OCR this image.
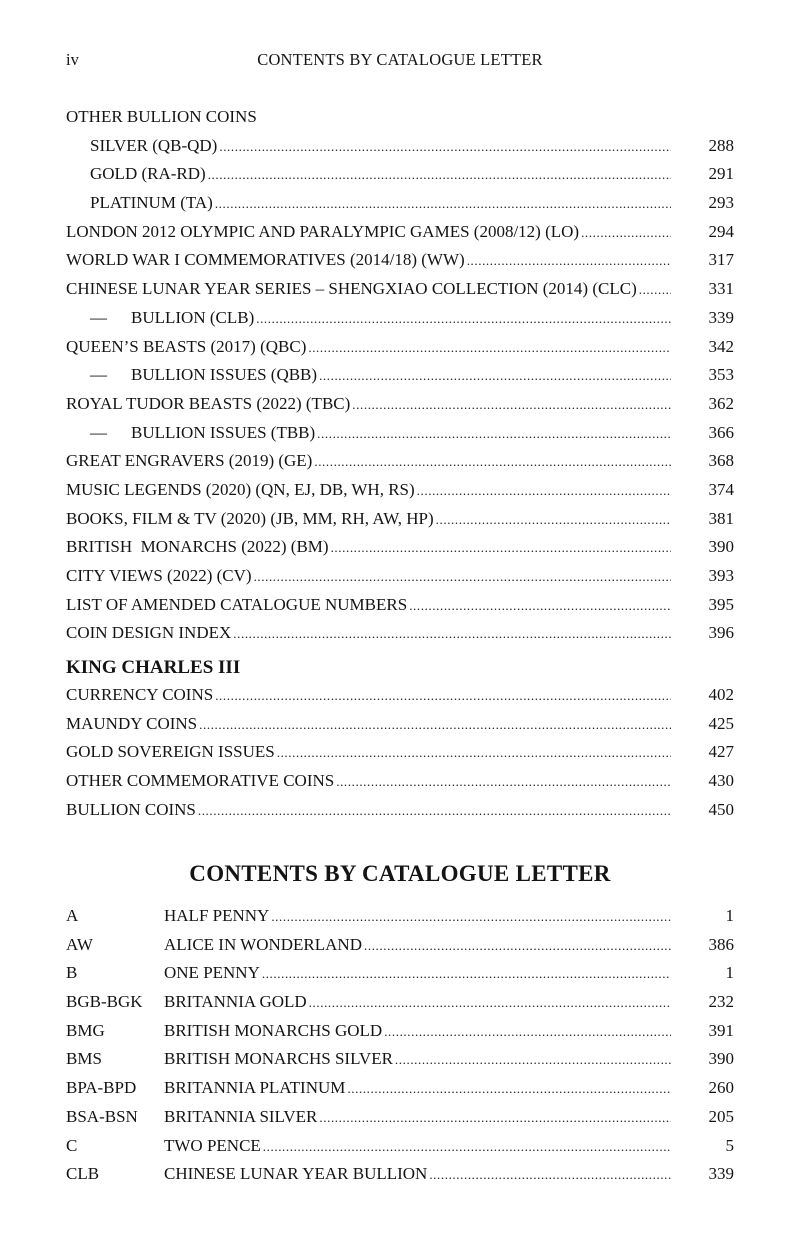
iv	CONTENTS BY CATALOGUE LETTER
OTHER BULLION COINS
SILVER (QB-QD) .....	288
GOLD (RA-RD) .....	291
PLATINUM (TA) .....	293
LONDON 2012 OLYMPIC AND PARALYMPIC GAMES (2008/12) (LO) .....	294
WORLD WAR I COMMEMORATIVES (2014/18) (WW) .....	317
CHINESE LUNAR YEAR SERIES – SHENGXIAO COLLECTION (2014) (CLC) .....	331
—	BULLION (CLB) .....	339
QUEEN’S BEASTS (2017) (QBC) .....	342
—	BULLION ISSUES (QBB) .....	353
ROYAL TUDOR BEASTS (2022) (TBC) .....	362
—	BULLION ISSUES (TBB) .....	366
GREAT ENGRAVERS (2019) (GE) .....	368
MUSIC LEGENDS (2020) (QN, EJ, DB, WH, RS) .....	374
BOOKS, FILM & TV (2020) (JB, MM, RH, AW, HP) .....	381
BRITISH  MONARCHS (2022) (BM) .....	390
CITY VIEWS (2022) (CV) .....	393
LIST OF AMENDED CATALOGUE NUMBERS .....	395
COIN DESIGN INDEX .....	396
KING CHARLES III
CURRENCY COINS .....	402
MAUNDY COINS .....	425
GOLD SOVEREIGN ISSUES .....	427
OTHER COMMEMORATIVE COINS .....	430
BULLION COINS .....	450
CONTENTS BY CATALOGUE LETTER
A	HALF PENNY .....	1
AW	ALICE IN WONDERLAND .....	386
B	ONE PENNY .....	1
BGB-BGK	BRITANNIA GOLD .....	232
BMG	BRITISH MONARCHS GOLD .....	391
BMS	BRITISH MONARCHS SILVER .....	390
BPA-BPD	BRITANNIA PLATINUM .....	260
BSA-BSN	BRITANNIA SILVER .....	205
C	TWO PENCE .....	5
CLB	CHINESE LUNAR YEAR BULLION .....	339
